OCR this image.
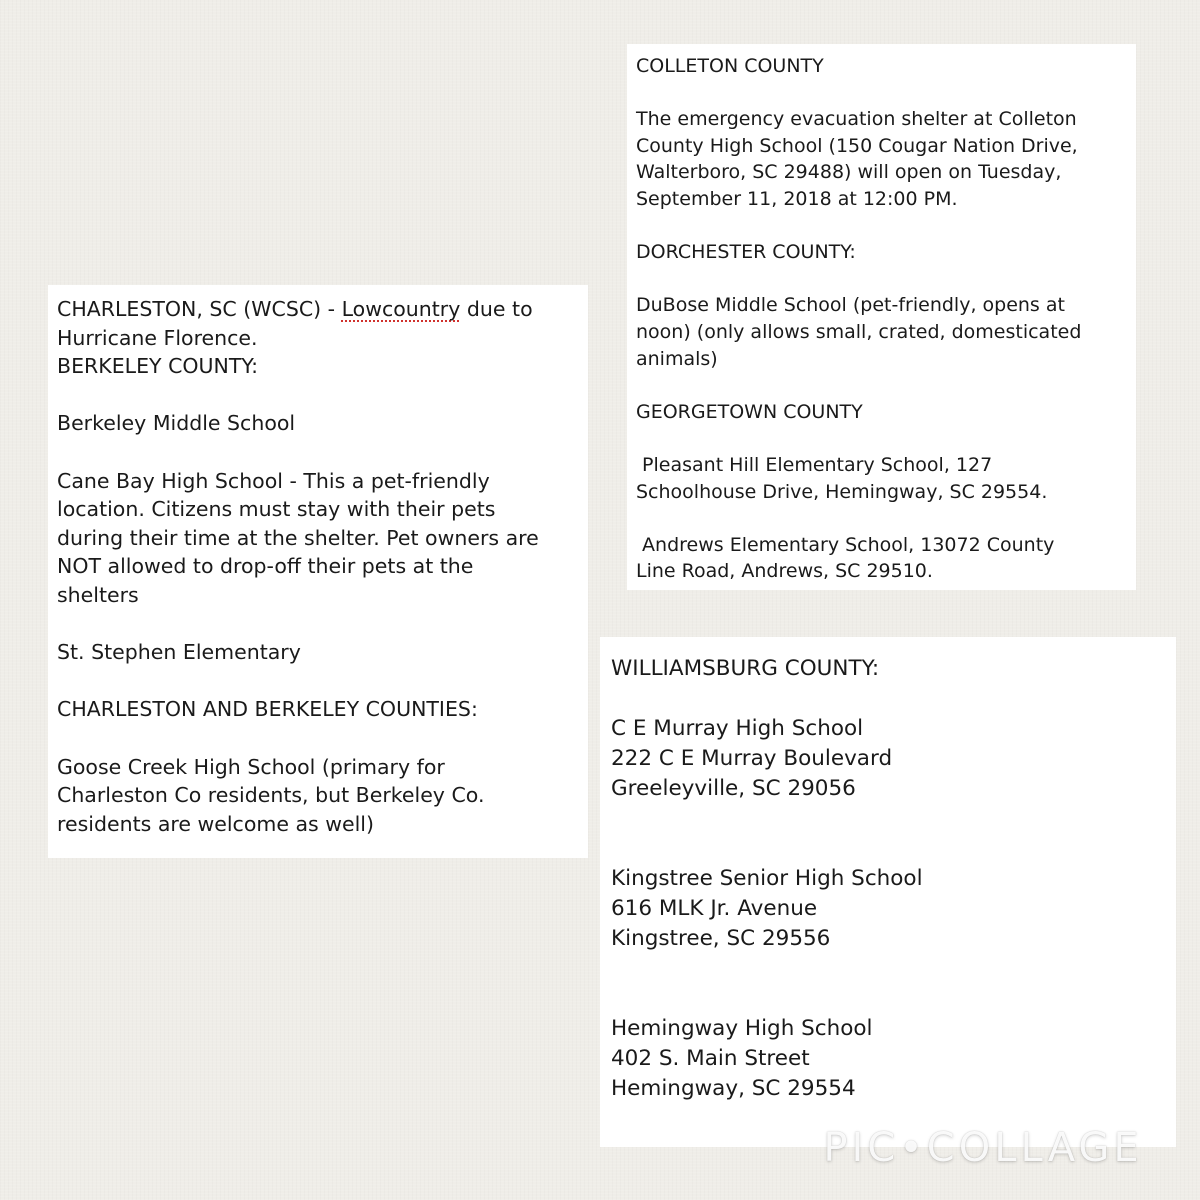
CHARLESTON, SC (WCSC) - Lowcountry due to
Hurricane Florence.
BERKELEY COUNTY:
Berkeley Middle School
Cane Bay High School - This a pet-friendly
location. Citizens must stay with their pets
during their time at the shelter. Pet owners are
NOT allowed to drop-off their pets at the
shelters
St. Stephen Elementary
CHARLESTON AND BERKELEY COUNTIES:
Goose Creek High School (primary for
Charleston Co residents, but Berkeley Co.
residents are welcome as well)
COLLETON COUNTY
The emergency evacuation shelter at Colleton
County High School (150 Cougar Nation Drive,
Walterboro, SC 29488) will open on Tuesday,
September 11, 2018 at 12:00 PM.
DORCHESTER COUNTY:
DuBose Middle School (pet-friendly, opens at
noon) (only allows small, crated, domesticated
animals)
GEORGETOWN COUNTY
Pleasant Hill Elementary School, 127
Schoolhouse Drive, Hemingway, SC 29554.
Andrews Elementary School, 13072 County
Line Road, Andrews, SC 29510.
WILLIAMSBURG COUNTY:
C E Murray High School
222 C E Murray Boulevard
Greeleyville, SC 29056
Kingstree Senior High School
616 MLK Jr. Avenue
Kingstree, SC 29556
Hemingway High School
402 S. Main Street
Hemingway, SC 29554
PIC•COLLAGE
